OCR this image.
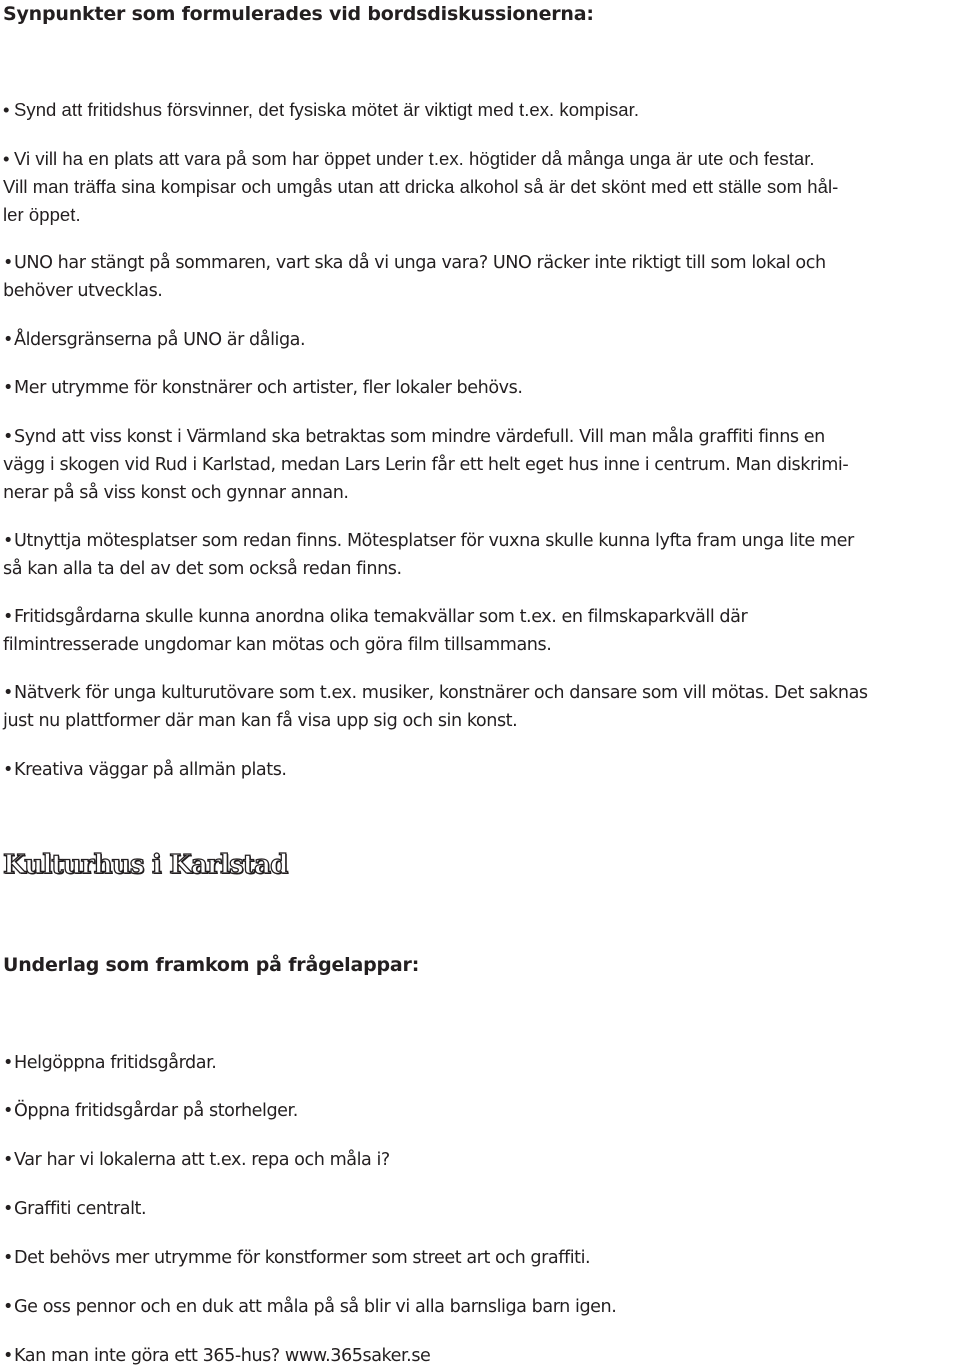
Synpunkter som formulerades vid bordsdiskussionerna:

• Synd att fritidshus försvinner, det fysiska mötet är viktigt med t.ex. kompisar.

• Vi vill ha en plats att vara på som har öppet under t.ex. högtider då många unga är ute och festar.
Vill man träffa sina kompisar och umgås utan att dricka alkohol så är det skönt med ett ställe som hål-
ler öppet.

•UNO har stängt på sommaren, vart ska då vi unga vara? UNO räcker inte riktigt till som lokal och
behöver utvecklas.

•Åldersgränserna på UNO är dåliga.

•Mer utrymme för konstnärer och artister, fler lokaler behövs.

•Synd att viss konst i Värmland ska betraktas som mindre värdefull. Vill man måla graffiti finns en
vägg i skogen vid Rud i Karlstad, medan Lars Lerin får ett helt eget hus inne i centrum. Man diskrimi-
nerar på så viss konst och gynnar annan.

•Utnyttja mötesplatser som redan finns. Mötesplatser för vuxna skulle kunna lyfta fram unga lite mer
så kan alla ta del av det som också redan finns.

•Fritidsgårdarna skulle kunna anordna olika temakvällar som t.ex. en filmskaparkväll där
filmintresserade ungdomar kan mötas och göra film tillsammans.

•Nätverk för unga kulturutövare som t.ex. musiker, konstnärer och dansare som vill mötas. Det saknas
just nu plattformer där man kan få visa upp sig och sin konst.

•Kreativa väggar på allmän plats.

Kulturhus i Karlstad
Underlag som framkom på frågelappar:

•Helgöppna fritidsgårdar.

•Öppna fritidsgårdar på storhelger.

•Var har vi lokalerna att t.ex. repa och måla i?

•Graffiti centralt.

•Det behövs mer utrymme för konstformer som street art och graffiti.

•Ge oss pennor och en duk att måla på så blir vi alla barnsliga barn igen.

•Kan man inte göra ett 365-hus? www.365saker.se
